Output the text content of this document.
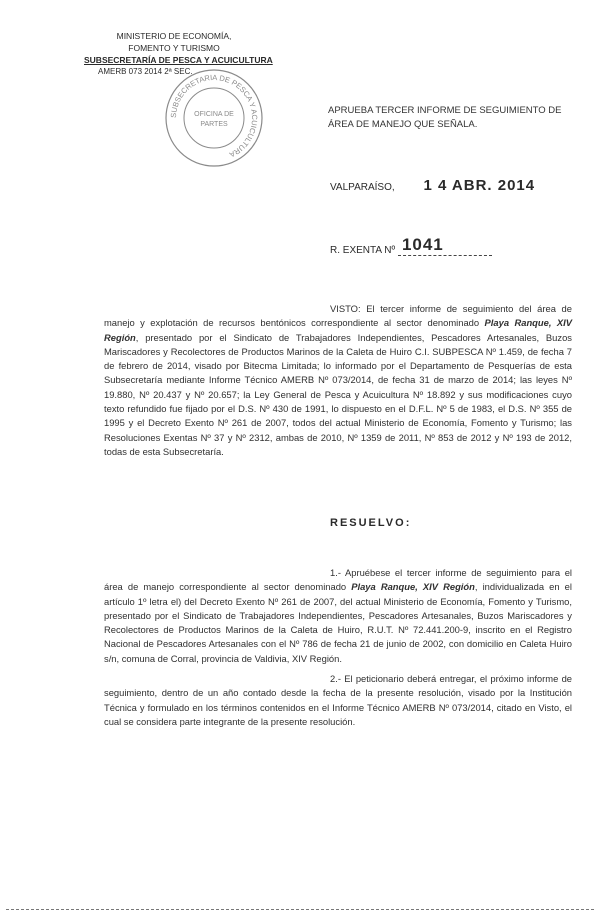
MINISTERIO DE ECONOMÍA,
FOMENTO Y TURISMO
SUBSECRETARÍA DE PESCA Y ACUICULTURA
AMERB 073 2014 2ª SEC.
SUBSECRETARIA DE PESCA Y ACUICULTURA
OFICINA DE
PARTES
APRUEBA TERCER INFORME DE SEGUIMIENTO DE ÁREA DE MANEJO QUE SEÑALA.
VALPARAÍSO, 1 4 ABR. 2014
R. EXENTA Nº 1041
VISTO: El tercer informe de seguimiento del área de manejo y explotación de recursos bentónicos correspondiente al sector denominado Playa Ranque, XIV Región, presentado por el Sindicato de Trabajadores Independientes, Pescadores Artesanales, Buzos Mariscadores y Recolectores de Productos Marinos de la Caleta de Huiro C.I. SUBPESCA Nº 1.459, de fecha 7 de febrero de 2014, visado por Bitecma Limitada; lo informado por el Departamento de Pesquerías de esta Subsecretaría mediante Informe Técnico AMERB Nº 073/2014, de fecha 31 de marzo de 2014; las leyes Nº 19.880, Nº 20.437 y Nº 20.657; la Ley General de Pesca y Acuicultura Nº 18.892 y sus modificaciones cuyo texto refundido fue fijado por el D.S. Nº 430 de 1991, lo dispuesto en el D.F.L. Nº 5 de 1983, el D.S. Nº 355 de 1995 y el Decreto Exento Nº 261 de 2007, todos del actual Ministerio de Economía, Fomento y Turismo; las Resoluciones Exentas Nº 37 y Nº 2312, ambas de 2010, Nº 1359 de 2011, Nº 853 de 2012 y Nº 193 de 2012, todas de esta Subsecretaría.
RESUELVO:
1.- Apruébese el tercer informe de seguimiento para el área de manejo correspondiente al sector denominado Playa Ranque, XIV Región, individualizada en el artículo 1º letra el) del Decreto Exento Nº 261 de 2007, del actual Ministerio de Economía, Fomento y Turismo, presentado por el Sindicato de Trabajadores Independientes, Pescadores Artesanales, Buzos Mariscadores y Recolectores de Productos Marinos de la Caleta de Huiro, R.U.T. Nº 72.441.200-9, inscrito en el Registro Nacional de Pescadores Artesanales con el Nº 786 de fecha 21 de junio de 2002, con domicilio en Caleta Huiro s/n, comuna de Corral, provincia de Valdivia, XIV Región.
2.- El peticionario deberá entregar, el próximo informe de seguimiento, dentro de un año contado desde la fecha de la presente resolución, visado por la Institución Técnica y formulado en los términos contenidos en el Informe Técnico AMERB Nº 073/2014, citado en Visto, el cual se considera parte integrante de la presente resolución.
